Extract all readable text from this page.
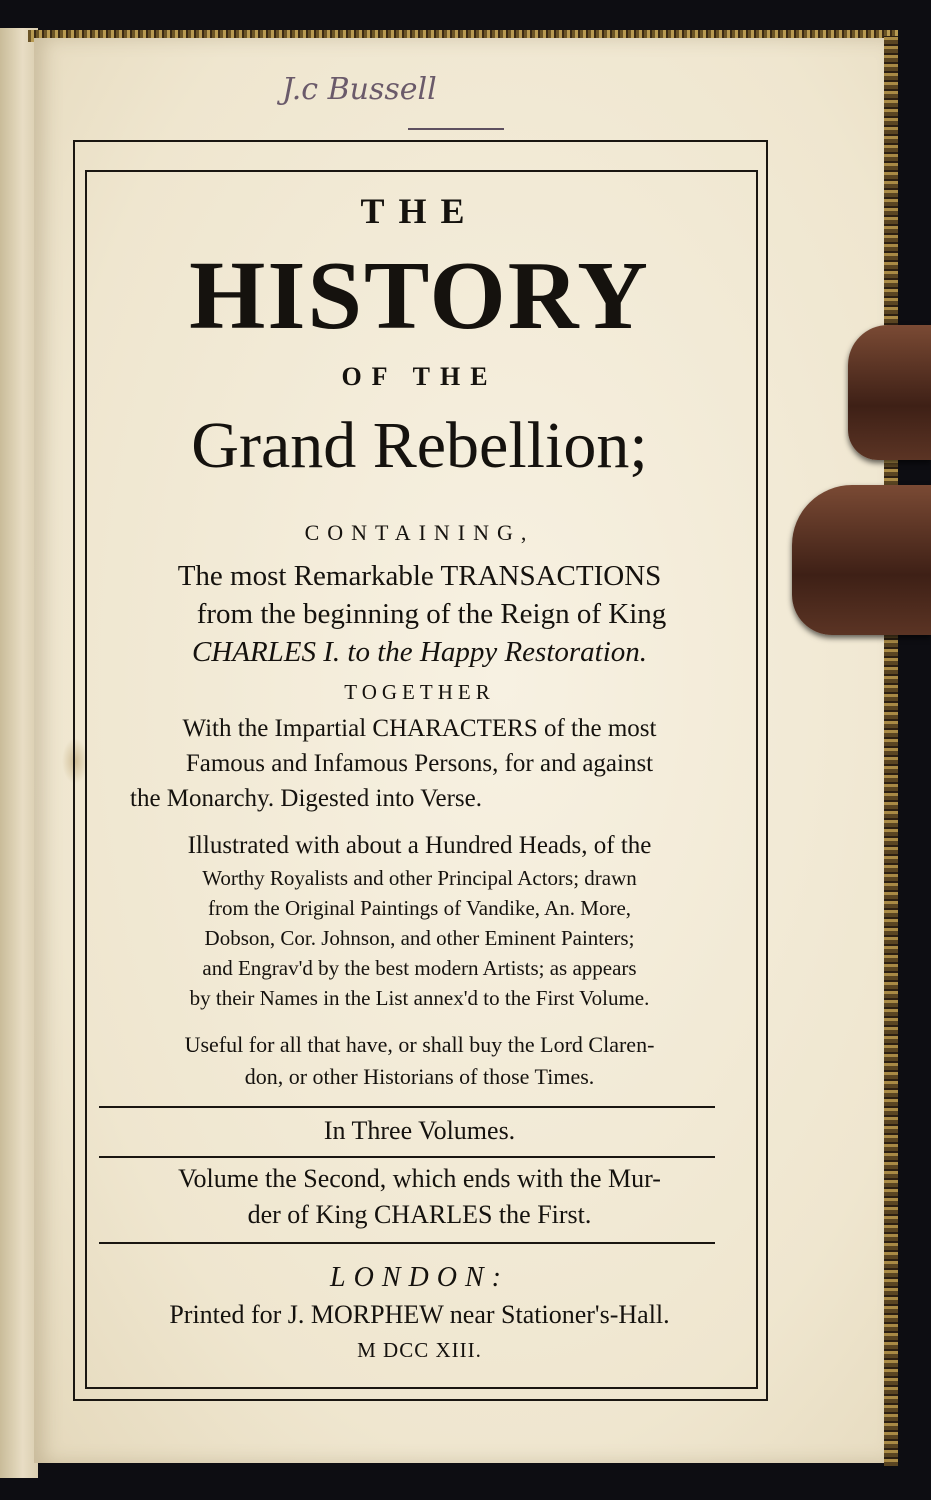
J.c Bussell
THE
HISTORY
OF THE
Grand Rebellion;
CONTAINING,
The most Remarkable TRANSACTIONS
from the beginning of the Reign of King
CHARLES I. to the Happy Restoration.
TOGETHER
With the Impartial CHARACTERS of the most
Famous and Infamous Persons, for and against
the Monarchy. Digested into Verse.
Illustrated with about a Hundred Heads, of the
Worthy Royalists and other Principal Actors; drawn
from the Original Paintings of Vandike, An. More,
Dobson, Cor. Johnson, and other Eminent Painters;
and Engrav'd by the best modern Artists; as appears
by their Names in the List annex'd to the First Volume.
Useful for all that have, or shall buy the Lord Claren-
don, or other Historians of those Times.
In Three Volumes.
Volume the Second, which ends with the Mur-
der of King CHARLES the First.
LONDON:
Printed for J. MORPHEW near Stationer's-Hall.
M DCC XIII.
